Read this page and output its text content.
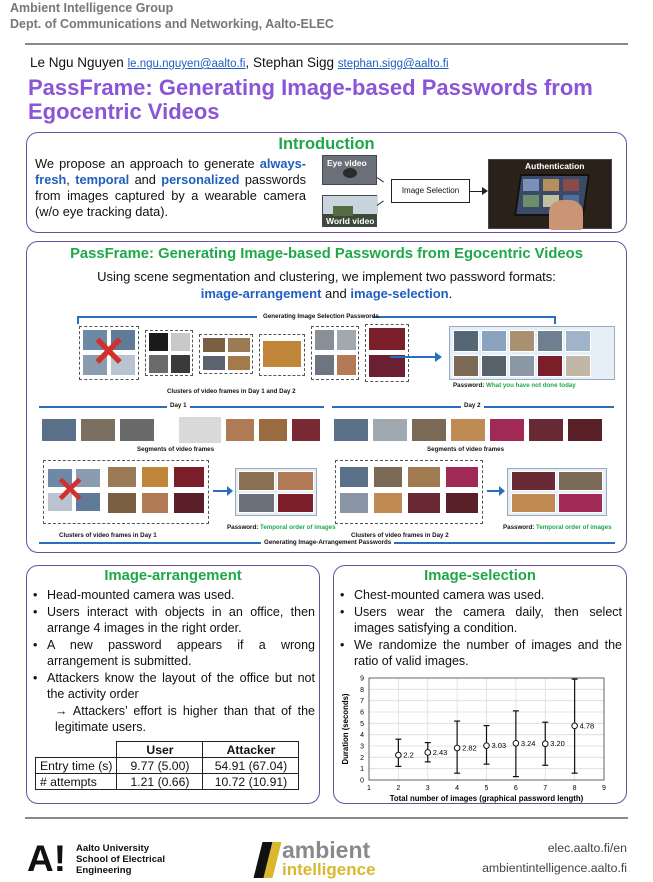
Ambient Intelligence Group
Dept. of Communications and Networking, Aalto-ELEC
Le Ngu Nguyen le.ngu.nguyen@aalto.fi, Stephan Sigg stephan.sigg@aalto.fi
PassFrame: Generating Image-based Passwords from Egocentric Videos
Introduction
We propose an approach to generate always-fresh, temporal and personalized passwords from images captured by a wearable camera (w/o eye tracking data).
Eye video
World video
Image Selection
Authentication
PassFrame: Generating Image-based Passwords from Egocentric Videos
Using scene segmentation and clustering, we implement two password formats:
image-arrangement and image-selection.
Generating Image Selection Passwords
✕
Clusters of video frames in Day 1 and Day 2
Password: What you have not done today
Day 1	Day 2
Segments of video frames	Segments of video frames
✕
Clusters of video frames in Day 1
Password: Temporal order of images
Clusters of video frames in Day 2
Password: Temporal order of images
Generating Image-Arrangement Passwords
Image-arrangement
• Head-mounted camera was used.
• Users interact with objects in an office, then arrange 4 images in the right order.
• A new password appears if a wrong arrangement is submitted.
• Attackers know the layout of the office but not the activity order
→ Attackers’ effort is higher than that of the legitimate users.
	User	Attacker
Entry time (s)	9.77 (5.00)	54.91 (67.04)
# attempts	1.21 (0.66)	10.72 (10.91)
Image-selection
• Chest-mounted camera was used.
• Users wear the camera daily, then select images satisfying a condition.
• We randomize the number of images and the ratio of valid images.
0
1
2
3
4
5
6
7
8
9
1	2	3	4	5	6	7	8	9
2.2	2.43 2.82 3.03 3.24 3.20
4.78
Total number of images (graphical password length)
Duration (seconds)
A! Aalto University
School of Electrical
Engineering
ambient
intelligence
elec.aalto.fi/en
ambientintelligence.aalto.fi
